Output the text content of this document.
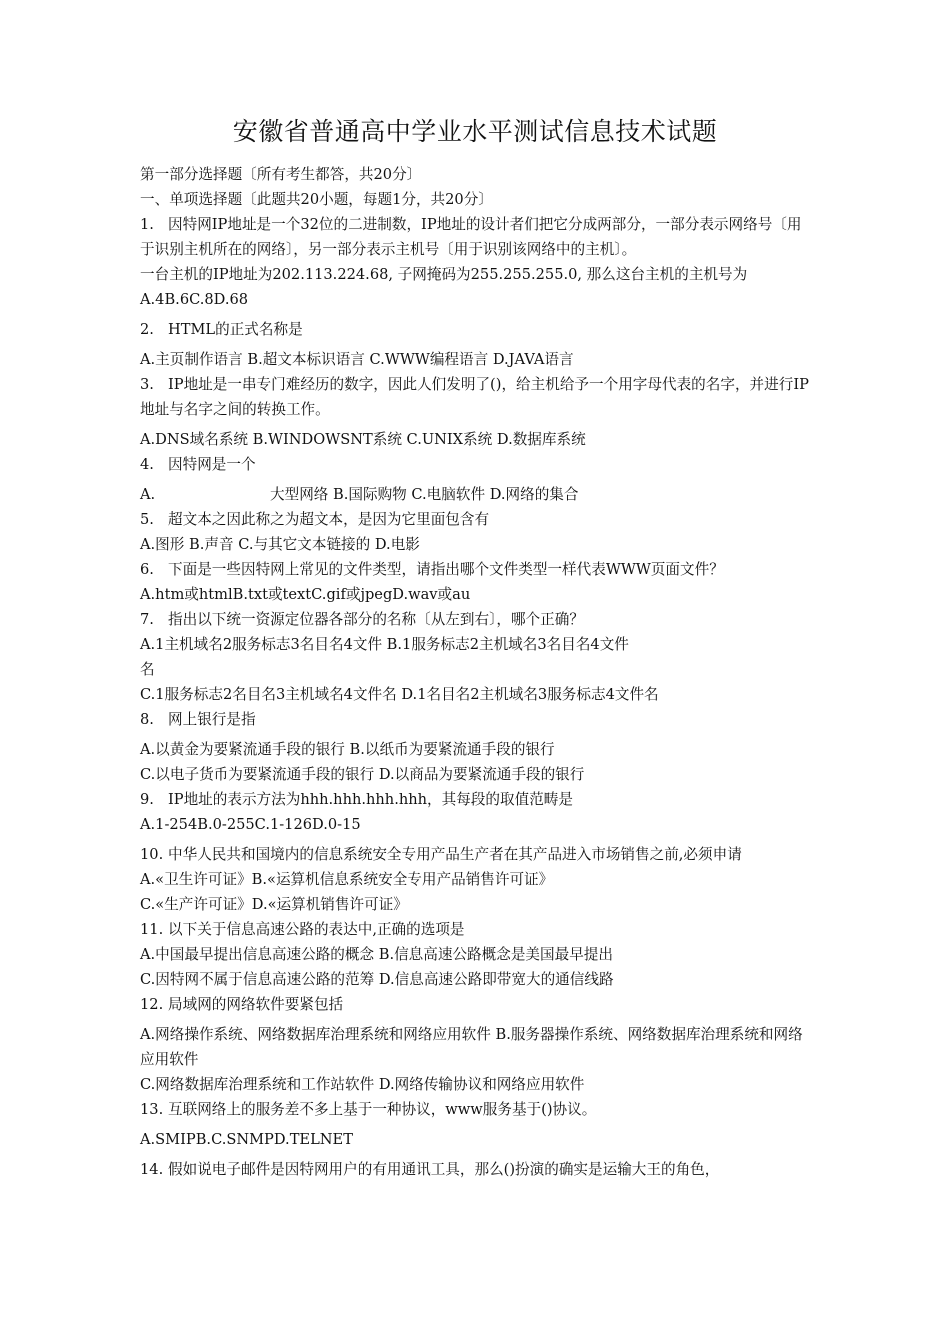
安徽省普通高中学业水平测试信息技术试题

第一部分选择题〔所有考生都答，共20分〕

一、单项选择题〔此题共20小题，每题1分，共20分〕

1. 因特网IP地址是一个32位的二进制数，IP地址的设计者们把它分成两部分，一部分表示网络号〔用于识别主机所在的网络〕，另一部分表示主机号〔用于识别该网络中的主机〕。

一台主机的IP地址为202.113.224.68, 子网掩码为255.255.255.0, 那么这台主机的主机号为

A.4B.6C.8D.68

2. HTML的正式名称是

A.主页制作语言 B.超文本标识语言 C.WWW编程语言 D.JAVA语言

3. IP地址是一串专门难经历的数字，因此人们发明了()，给主机给予一个用字母代表的名字，并进行IP地址与名字之间的转换工作。

A.DNS域名系统 B.WINDOWSNT系统 C.UNIX系统 D.数据库系统

4. 因特网是一个

A.	大型网络 B.国际购物 C.电脑软件 D.网络的集合

5. 超文本之因此称之为超文本，是因为它里面包含有

A.图形 B.声音 C.与其它文本链接的 D.电影

6. 下面是一些因特网上常见的文件类型，请指出哪个文件类型一样代表WWW页面文件？

A.htm或htmlB.txt或textC.gif或jpegD.wav或au

7. 指出以下统一资源定位器各部分的名称〔从左到右〕，哪个正确？

A.1主机域名2服务标志3名目名4文件 B.1服务标志2主机域名3名目名4文件

名

C.1服务标志2名目名3主机域名4文件名 D.1名目名2主机域名3服务标志4文件名

8. 网上银行是指

A.以黄金为要紧流通手段的银行 B.以纸币为要紧流通手段的银行

C.以电子货币为要紧流通手段的银行 D.以商品为要紧流通手段的银行

9. IP地址的表示方法为hhh.hhh.hhh.hhh，其每段的取值范畴是

A.1-254B.0-255C.1-126D.0-15

10. 中华人民共和国境内的信息系统安全专用产品生产者在其产品进入市场销售之前,必须申请

A.«卫生许可证》B.«运算机信息系统安全专用产品销售许可证》

C.«生产许可证》D.«运算机销售许可证》

11. 以下关于信息高速公路的表达中,正确的选项是

A.中国最早提出信息高速公路的概念 B.信息高速公路概念是美国最早提出

C.因特网不属于信息高速公路的范筹 D.信息高速公路即带宽大的通信线路

12. 局域网的网络软件要紧包括

A.网络操作系统、网络数据库治理系统和网络应用软件 B.服务器操作系统、网络数据库治理系统和网络应用软件

C.网络数据库治理系统和工作站软件 D.网络传输协议和网络应用软件

13. 互联网络上的服务差不多上基于一种协议，www服务基于()协议。

A.SMIPB.C.SNMPD.TELNET

14. 假如说电子邮件是因特网用户的有用通讯工具，那么()扮演的确实是运输大王的角色，
